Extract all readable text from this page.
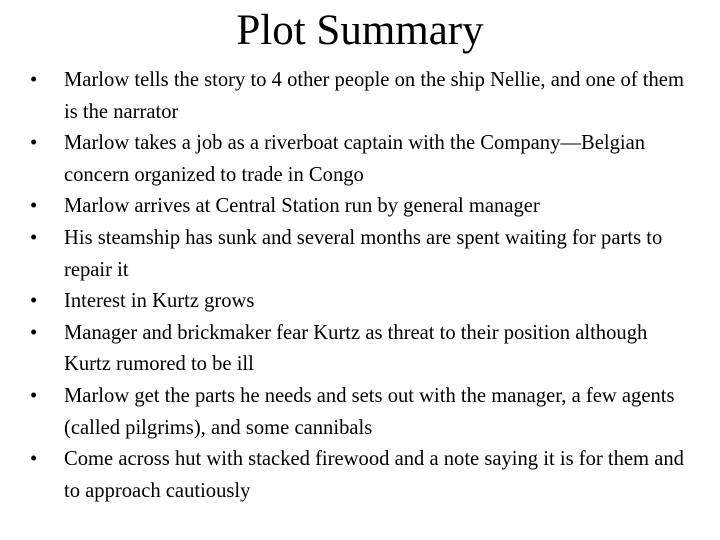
Plot Summary
•	Marlow tells the story to 4 other people on the ship Nellie, and one of them is the narrator
•	Marlow takes a job as a riverboat captain with the Company—Belgian concern organized to trade in Congo
•	Marlow arrives at Central Station run by general manager
•	His steamship has sunk and several months are spent waiting for parts to repair it
•	Interest in Kurtz grows
•	Manager and brickmaker fear Kurtz as threat to their position although Kurtz rumored to be ill
•	Marlow get the parts he needs and sets out with the manager, a few agents (called pilgrims), and some cannibals
•	Come across hut with stacked firewood and a note saying it is for them and to approach cautiously
